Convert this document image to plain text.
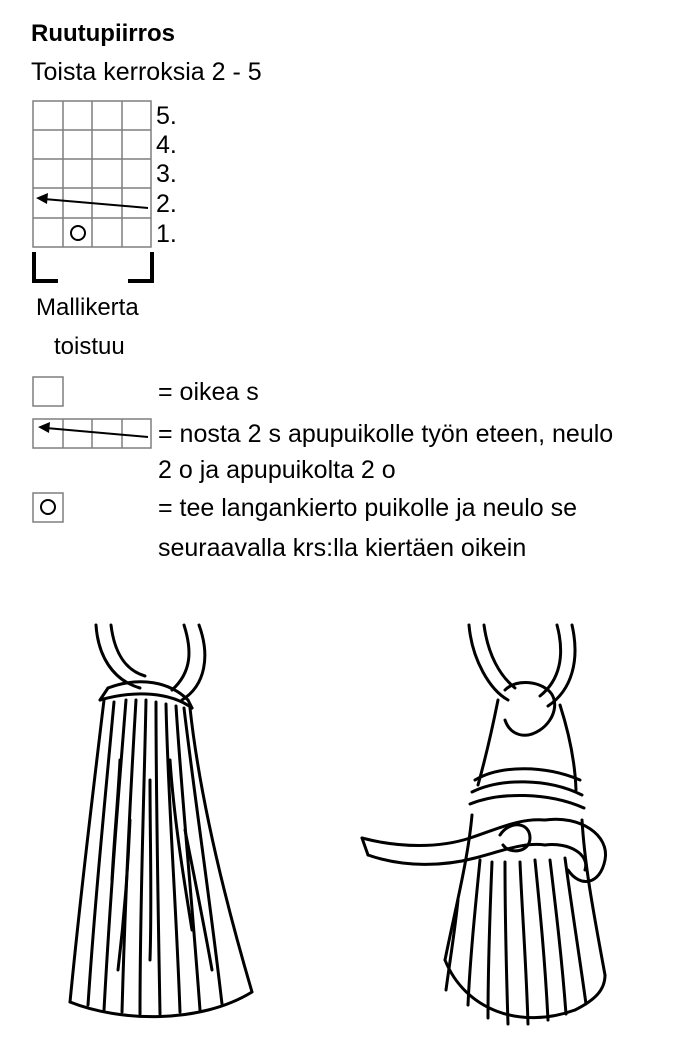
Ruutupiirros
Toista kerroksia 2 - 5
5.
4.
3.
2.
1.
Mallikerta
toistuu
= oikea s
= nosta 2 s apupuikolle työn eteen, neulo
2 o ja apupuikolta 2 o
= tee langankierto puikolle ja neulo se
seuraavalla krs:lla kiertäen oikein
